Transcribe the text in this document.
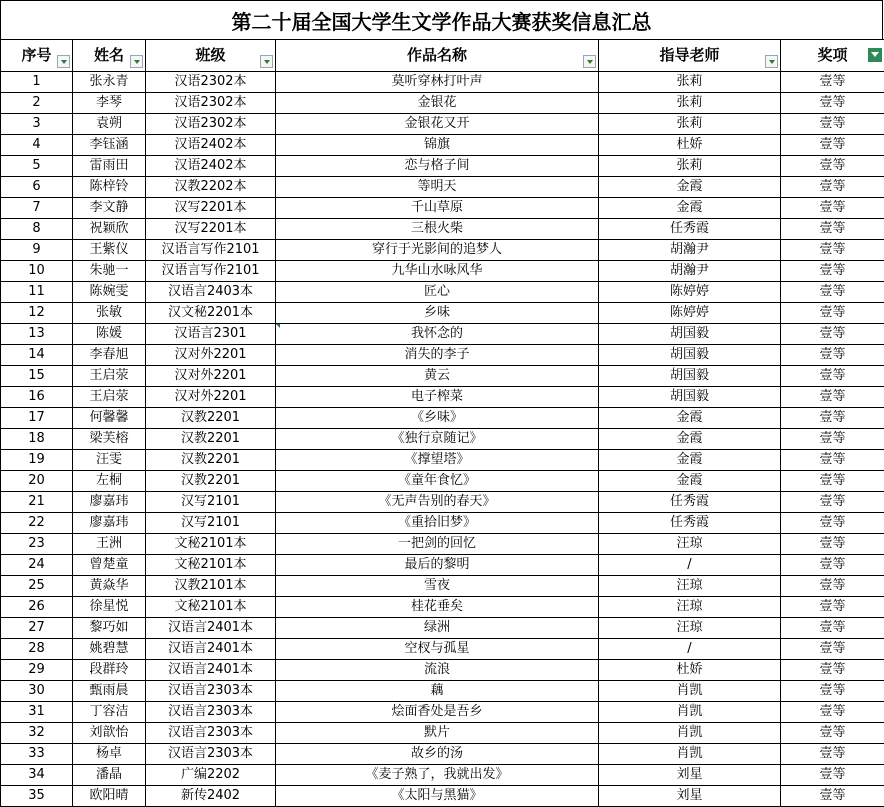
第二十届全国大学生文学作品大赛获奖信息汇总
序号	姓名	班级	作品名称	指导老师	奖项

1	张永青	汉语2302本	莫听穿林打叶声	张莉	壹等
2	李琴	汉语2302本	金银花	张莉	壹等
3	袁朔	汉语2302本	金银花又开	张莉	壹等
4	李钰涵	汉语2402本	锦旗	杜娇	壹等
5	雷雨田	汉语2402本	恋与格子间	张莉	壹等
6	陈梓铃	汉教2202本	等明天	金霞	壹等
7	李文静	汉写2201本	千山草原	金霞	壹等
8	祝颖欣	汉写2201本	三根火柴	任秀霞	壹等
9	王紫仪	汉语言写作2101	穿行于光影间的追梦人	胡瀚尹	壹等
10	朱驰一	汉语言写作2101	九华山水咏风华	胡瀚尹	壹等
11	陈婉雯	汉语言2403本	匠心	陈婷婷	壹等
12	张敏	汉文秘2201本	乡味	陈婷婷	壹等
13	陈媛	汉语言2301	我怀念的	胡国毅	壹等
14	李春旭	汉对外2201	消失的李子	胡国毅	壹等
15	王启荥	汉对外2201	黄云	胡国毅	壹等
16	王启荥	汉对外2201	电子榨菜	胡国毅	壹等
17	何馨馨	汉教2201	《乡味》	金霞	壹等
18	梁芙榕	汉教2201	《独行京随记》	金霞	壹等
19	汪雯	汉教2201	《撑望塔》	金霞	壹等
20	左桐	汉教2201	《童年食忆》	金霞	壹等
21	廖嘉玮	汉写2101	《无声告别的春天》	任秀霞	壹等
22	廖嘉玮	汉写2101	《重拾旧梦》	任秀霞	壹等
23	王洲	文秘2101本	一把剑的回忆	汪琼	壹等
24	曾楚童	文秘2101本	最后的黎明	/	壹等
25	黄焱华	汉教2101本	雪夜	汪琼	壹等
26	徐星悦	文秘2101本	桂花垂矣	汪琼	壹等
27	黎巧如	汉语言2401本	绿洲	汪琼	壹等
28	姚碧慧	汉语言2401本	空杈与孤星	/	壹等
29	段群玲	汉语言2401本	流浪	杜娇	壹等
30	甄雨晨	汉语言2303本	藕	肖凯	壹等
31	丁容洁	汉语言2303本	烩面香处是吾乡	肖凯	壹等
32	刘歆怡	汉语言2303本	默片	肖凯	壹等
33	杨卓	汉语言2303本	故乡的汤	肖凯	壹等
34	潘晶	广编2202	《麦子熟了，我就出发》	刘星	壹等
35	欧阳晴	新传2402	《太阳与黑猫》	刘星	壹等
